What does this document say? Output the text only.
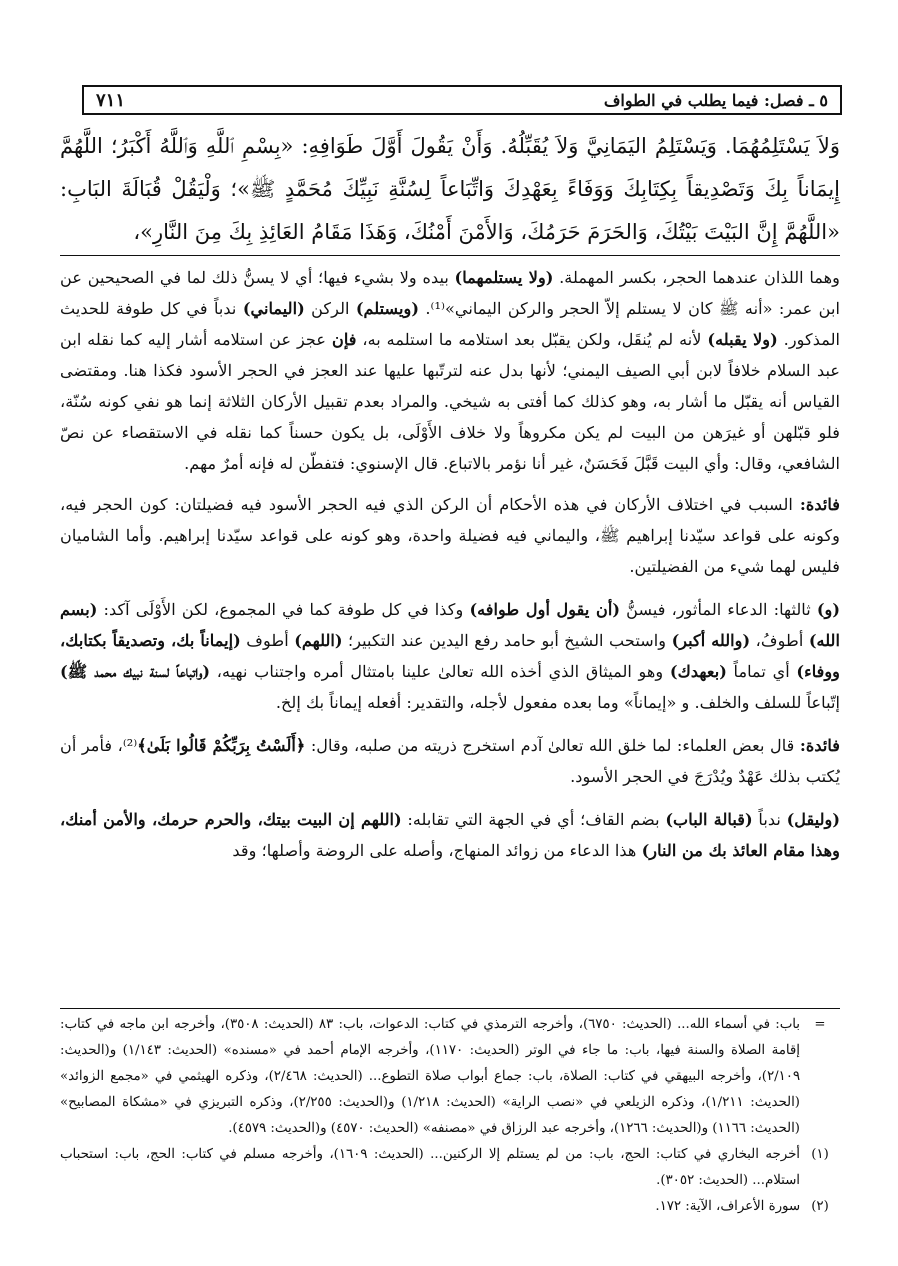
٥ ـ فصل: فيما يطلب في الطواف
٧١١
وَلاَ يَسْتَلِمُهُمَا. وَيَسْتَلِمُ اليَمَانِيَّ وَلاَ يُقَبِّلُهُ. وَأَنْ يَقُولَ أَوَّلَ طَوَافِهِ: «بِسْمِ ٱللَّهِ وَٱللَّهُ أَكْبَرُ؛ اللَّهُمَّ إِيمَاناً بِكَ وَتَصْدِيقاً بِكِتَابِكَ وَوَفَاءً بِعَهْدِكَ وَاتِّبَاعاً لِسُنَّةِ نَبِيِّكَ مُحَمَّدٍ ﷺ»؛ وَلْيَقُلْ قُبَالَةَ البَابِ: «اللَّهُمَّ إِنَّ البَيْتَ بَيْتُكَ، وَالحَرَمَ حَرَمُكَ، وَالأَمْنَ أَمْنُكَ، وَهَذَا مَقَامُ العَائِذِ بِكَ مِنَ النَّارِ»،

وهما اللذان عندهما الحجر، بكسر المهملة. (ولا يستلمهما) بيده ولا بشيء فيها؛ أي لا يسنُّ ذلك لما في الصحيحين عن ابن عمر: «أنه ﷺ كان لا يستلم إلاّ الحجر والركن اليماني»⁽¹⁾. (ويستلم) الركن (اليماني) ندباً في كل طوفة للحديث المذكور. (ولا يقبله) لأنه لم يُنقَل، ولكن يقبّل بعد استلامه ما استلمه به، فإن عجز عن استلامه أشار إليه كما نقله ابن عبد السلام خلافاً لابن أبي الصيف اليمني؛ لأنها بدل عنه لترتّبها عليها عند العجز في الحجر الأسود فكذا هنا. ومقتضى القياس أنه يقبّل ما أشار به، وهو كذلك كما أفتى به شيخي. والمراد بعدم تقبيل الأركان الثلاثة إنما هو نفي كونه سُنّة، فلو قبّلهن أو غيرَهن من البيت لم يكن مكروهاً ولا خلاف الأَوْلَى، بل يكون حسناً كما نقله في الاستقصاء عن نصّ الشافعي، وقال: وأي البيت قَبَّلَ فَحَسَنٌ، غير أنا نؤمر بالاتباع. قال الإسنوي: فتفطّن له فإنه أمرٌ مهم.

فائدة: السبب في اختلاف الأركان في هذه الأحكام أن الركن الذي فيه الحجر الأسود فيه فضيلتان: كون الحجر فيه، وكونه على قواعد سيّدنا إبراهيم ﷺ، واليماني فيه فضيلة واحدة، وهو كونه على قواعد سيّدنا إبراهيم. وأما الشاميان فليس لهما شيء من الفضيلتين.

(و) ثالثها: الدعاء المأثور، فيسنُّ (أن يقول أول طوافه) وكذا في كل طوفة كما في المجموع، لكن الأَوْلَى آكد: (بسم الله) أطوفُ، (والله أكبر) واستحب الشيخ أبو حامد رفع اليدين عند التكبير؛ (اللهم) أطوف (إيماناً بك، وتصديقاً بكتابك، ووفاء) أي تماماً (بعهدك) وهو الميثاق الذي أخذه الله تعالىٰ علينا بامتثال أمره واجتناب نهيه، (واتباعاً لسنة نبيك محمد ﷺ) إتّباعاً للسلف والخلف. و «إيماناً» وما بعده مفعول لأجله، والتقدير: أفعله إيماناً بك إلخ.

فائدة: قال بعض العلماء: لما خلق الله تعالىٰ آدم استخرج ذريته من صلبه، وقال: ﴿أَلَسْتُ بِرَبِّكُمْ قَالُوا بَلَىٰ﴾⁽²⁾، فأمر أن يُكتب بذلك عَهْدٌ ويُدْرَجَ في الحجر الأسود.

(وليقل) ندباً (قبالة الباب) بضم القاف؛ أي في الجهة التي تقابله: (اللهم إن البيت بيتك، والحرم حرمك، والأمن أمنك، وهذا مقام العائذ بك من النار) هذا الدعاء من زوائد المنهاج، وأصله على الروضة وأصلها؛ وقد

=
باب: في أسماء الله... (الحديث: ٦٧٥٠)، وأخرجه الترمذي في كتاب: الدعوات، باب: ٨٣ (الحديث: ٣٥٠٨)، وأخرجه ابن ماجه في كتاب: إقامة الصلاة والسنة فيها، باب: ما جاء في الوتر (الحديث: ١١٧٠)، وأخرجه الإمام أحمد في «مسنده» (الحديث: ١/١٤٣) و(الحديث: ٢/١٠٩)، وأخرجه البيهقي في كتاب: الصلاة، باب: جماع أبواب صلاة التطوع... (الحديث: ٢/٤٦٨)، وذكره الهيثمي في «مجمع الزوائد» (الحديث: ١/٢١١)، وذكره الزيلعي في «نصب الراية» (الحديث: ١/٢١٨) و(الحديث: ٢/٢٥٥)، وذكره التبريزي في «مشكاة المصابيح» (الحديث: ١١٦٦) و(الحديث: ١٢٦٦)، وأخرجه عبد الرزاق في «مصنفه» (الحديث: ٤٥٧٠) و(الحديث: ٤٥٧٩).
(١)
أخرجه البخاري في كتاب: الحج، باب: من لم يستلم إلا الركنين... (الحديث: ١٦٠٩)، وأخرجه مسلم في كتاب: الحج، باب: استحباب استلام... (الحديث: ٣٠٥٢).
(٢)
سورة الأعراف، الآية: ١٧٢.
